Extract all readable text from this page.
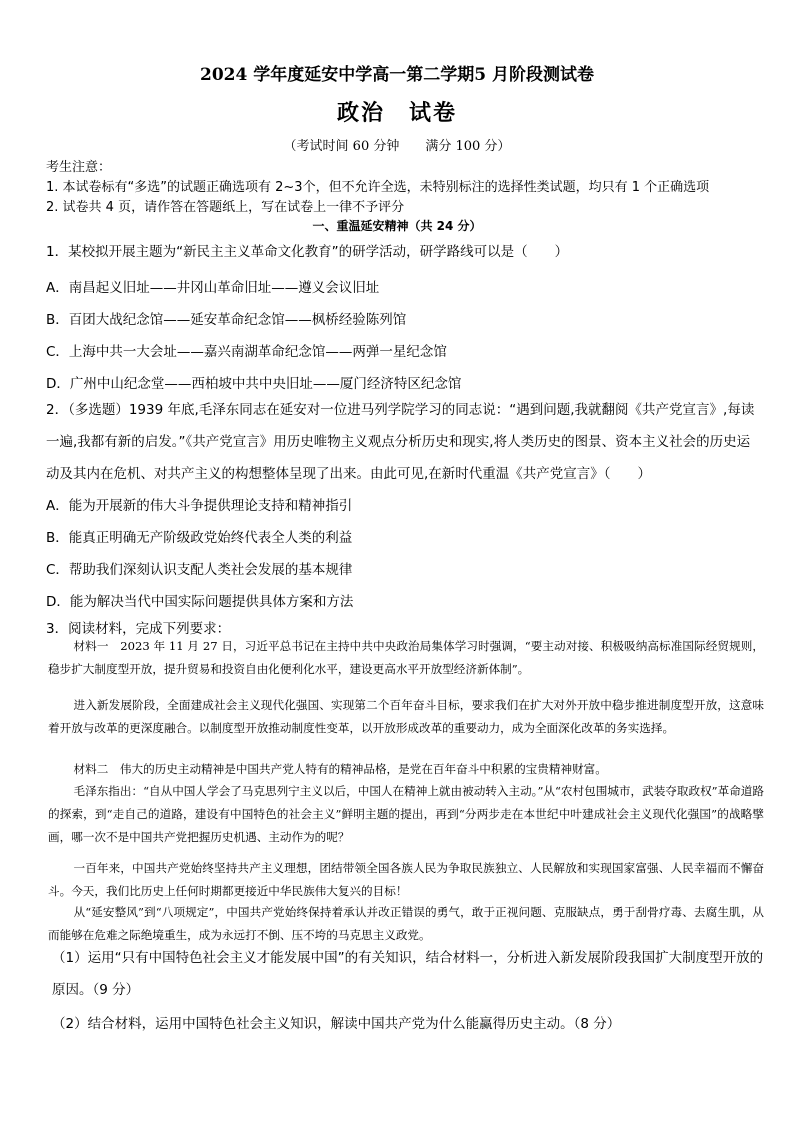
2024 学年度延安中学高一第二学期5 月阶段测试卷
政治　试卷
（考试时间 60 分钟　　满分 100 分）
考生注意：
1. 本试卷标有“多选”的试题正确选项有 2~3个，但不允许全选，未特别标注的选择性类试题，均只有 1 个正确选项
2. 试卷共 4 页，请作答在答题纸上，写在试卷上一律不予评分
一、重温延安精神（共 24 分）
1．某校拟开展主题为“新民主主义革命文化教育”的研学活动，研学路线可以是（　　）
A．南昌起义旧址——井冈山革命旧址——遵义会议旧址
B．百团大战纪念馆——延安革命纪念馆——枫桥经验陈列馆
C．上海中共一大会址——嘉兴南湖革命纪念馆——两弹一星纪念馆
D．广州中山纪念堂——西柏坡中共中央旧址——厦门经济特区纪念馆
2．（多选题）1939 年底,毛泽东同志在延安对一位进马列学院学习的同志说：“遇到问题,我就翻阅《共产党宣言》,每读一遍,我都有新的启发。”《共产党宣言》用历史唯物主义观点分析历史和现实,将人类历史的图景、资本主义社会的历史运动及其内在危机、对共产主义的构想整体呈现了出来。由此可见,在新时代重温《共产党宣言》（　　）
A．能为开展新的伟大斗争提供理论支持和精神指引
B．能真正明确无产阶级政党始终代表全人类的利益
C．帮助我们深刻认识支配人类社会发展的基本规律
D．能为解决当代中国实际问题提供具体方案和方法
3．阅读材料，完成下列要求：
材料一　2023 年 11 月 27 日，习近平总书记在主持中共中央政治局集体学习时强调，“要主动对接、积极吸纳高标准国际经贸规则，稳步扩大制度型开放，提升贸易和投资自由化便利化水平，建设更高水平开放型经济新体制”。
进入新发展阶段，全面建成社会主义现代化强国、实现第二个百年奋斗目标，要求我们在扩大对外开放中稳步推进制度型开放，这意味着开放与改革的更深度融合。以制度型开放推动制度性变革，以开放形成改革的重要动力，成为全面深化改革的务实选择。
材料二　伟大的历史主动精神是中国共产党人特有的精神品格，是党在百年奋斗中积累的宝贵精神财富。
毛泽东指出：“自从中国人学会了马克思列宁主义以后，中国人在精神上就由被动转入主动。”从“农村包围城市，武装夺取政权”革命道路的探索，到“走自己的道路，建设有中国特色的社会主义”鲜明主题的提出，再到“分两步走在本世纪中叶建成社会主义现代化强国”的战略擘画，哪一次不是中国共产党把握历史机遇、主动作为的呢？
一百年来，中国共产党始终坚持共产主义理想，团结带领全国各族人民为争取民族独立、人民解放和实现国家富强、人民幸福而不懈奋斗。今天，我们比历史上任何时期都更接近中华民族伟大复兴的目标！
从“延安整风”到“八项规定”，中国共产党始终保持着承认并改正错误的勇气，敢于正视问题、克服缺点，勇于刮骨疗毒、去腐生肌，从而能够在危难之际绝境重生，成为永远打不倒、压不垮的马克思主义政党。
（1）运用“只有中国特色社会主义才能发展中国”的有关知识，结合材料一，分析进入新发展阶段我国扩大制度型开放的原因。（9 分）
（2）结合材料，运用中国特色社会主义知识，解读中国共产党为什么能赢得历史主动。（8 分）
